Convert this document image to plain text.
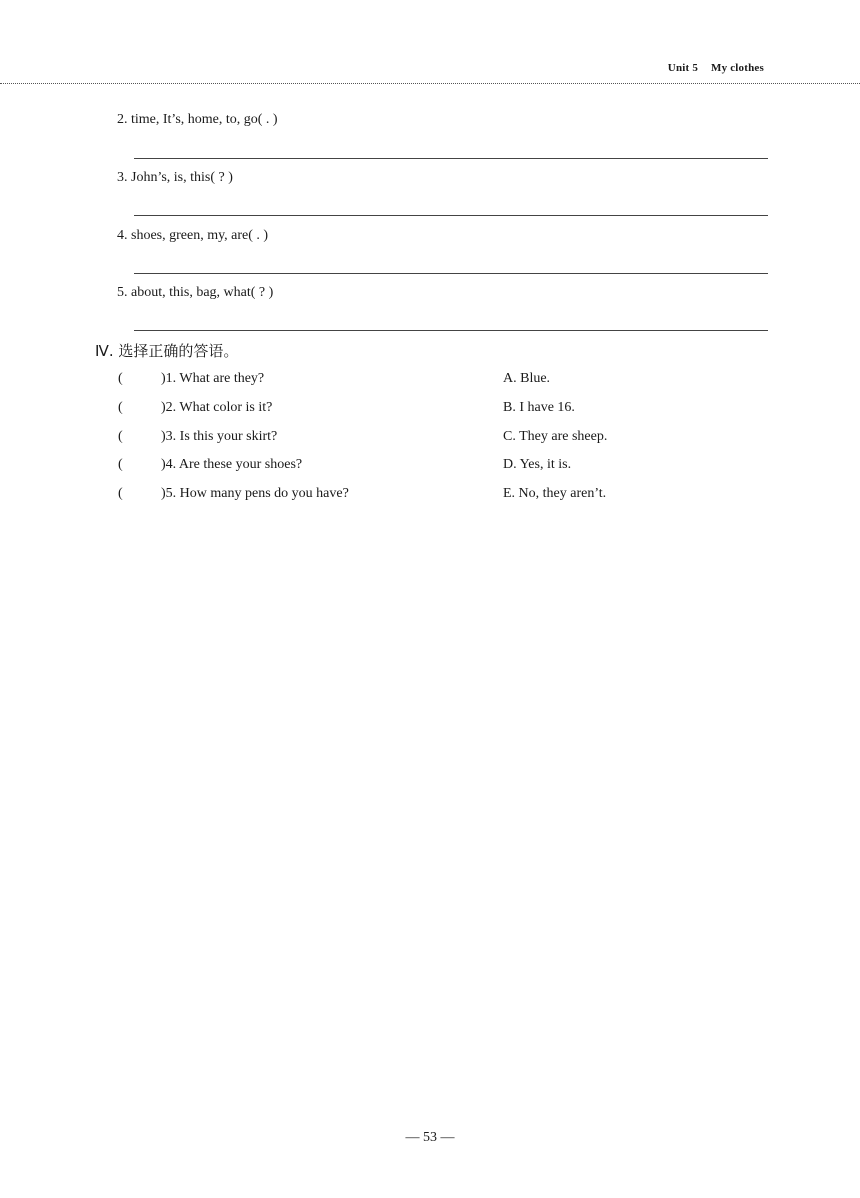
Unit 5 My clothes
2. time, It’s, home, to, go( . )
3. John’s, is, this( ? )
4. shoes, green, my, are( . )
5. about, this, bag, what( ? )
Ⅳ. 选择正确的答语。
(	)1. What are they?	A. Blue.
(	)2. What color is it?	B. I have 16.
(	)3. Is this your skirt?	C. They are sheep.
(	)4. Are these your shoes?	D. Yes, it is.
(	)5. How many pens do you have?	E. No, they aren’t.
— 53 —
